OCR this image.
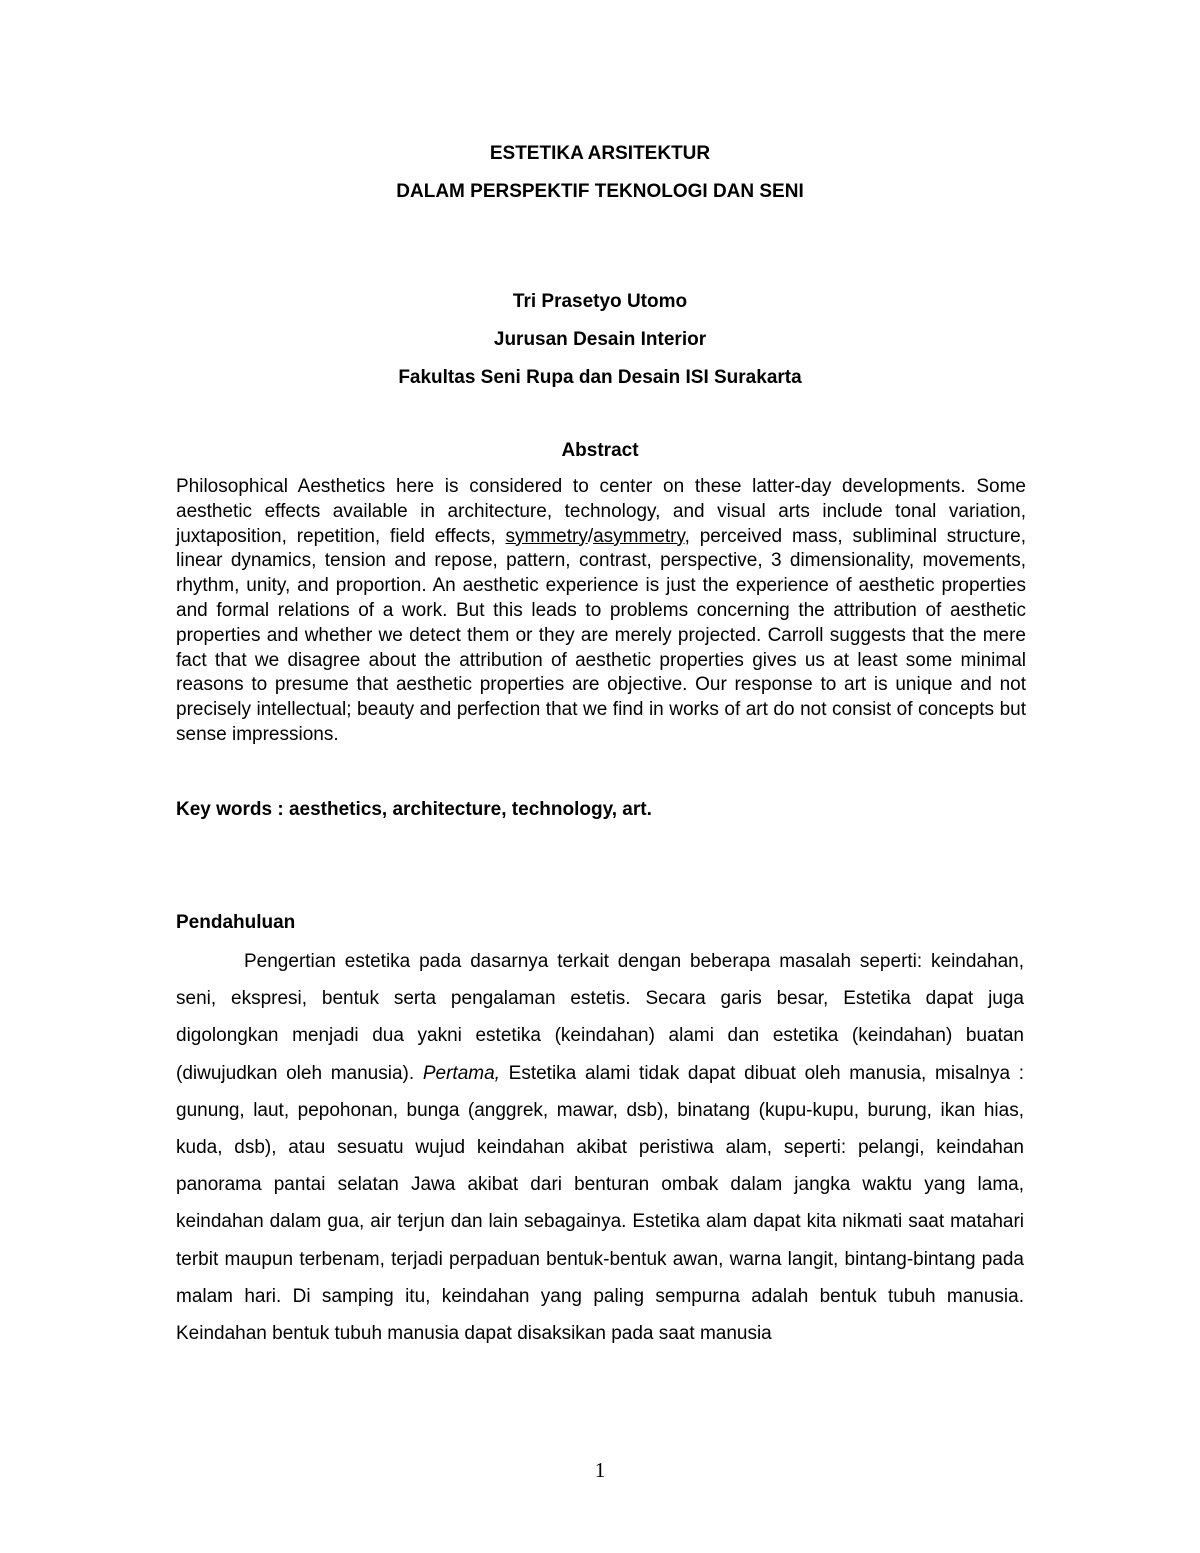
ESTETIKA ARSITEKTUR
DALAM PERSPEKTIF TEKNOLOGI DAN SENI
Tri Prasetyo Utomo
Jurusan Desain Interior
Fakultas Seni Rupa dan Desain ISI Surakarta
Abstract
Philosophical Aesthetics here is considered to center on these latter-day developments. Some aesthetic effects available in architecture, technology, and visual arts include tonal variation, juxtaposition, repetition, field effects, symmetry/asymmetry, perceived mass, subliminal structure, linear dynamics, tension and repose, pattern, contrast, perspective, 3 dimensionality, movements, rhythm, unity, and proportion. An aesthetic experience is just the experience of aesthetic properties and formal relations of a work. But this leads to problems concerning the attribution of aesthetic properties and whether we detect them or they are merely projected. Carroll suggests that the mere fact that we disagree about the attribution of aesthetic properties gives us at least some minimal reasons to presume that aesthetic properties are objective. Our response to art is unique and not precisely intellectual; beauty and perfection that we find in works of art do not consist of concepts but sense impressions.
Key words : aesthetics, architecture, technology, art.
Pendahuluan

Pengertian estetika pada dasarnya terkait dengan beberapa masalah seperti: keindahan, seni, ekspresi, bentuk serta pengalaman estetis. Secara garis besar, Estetika dapat juga digolongkan menjadi dua yakni estetika (keindahan) alami dan estetika (keindahan) buatan (diwujudkan oleh manusia). Pertama, Estetika alami tidak dapat dibuat oleh manusia, misalnya : gunung, laut, pepohonan, bunga (anggrek, mawar, dsb), binatang (kupu-kupu, burung, ikan hias, kuda, dsb), atau sesuatu wujud keindahan akibat peristiwa alam, seperti: pelangi, keindahan panorama pantai selatan Jawa akibat dari benturan ombak dalam jangka waktu yang lama, keindahan dalam gua, air terjun dan lain sebagainya. Estetika alam dapat kita nikmati saat matahari terbit maupun terbenam, terjadi perpaduan bentuk-bentuk awan, warna langit, bintang-bintang pada malam hari. Di samping itu, keindahan yang paling sempurna adalah bentuk tubuh manusia. Keindahan bentuk tubuh manusia dapat disaksikan pada saat manusia

1
